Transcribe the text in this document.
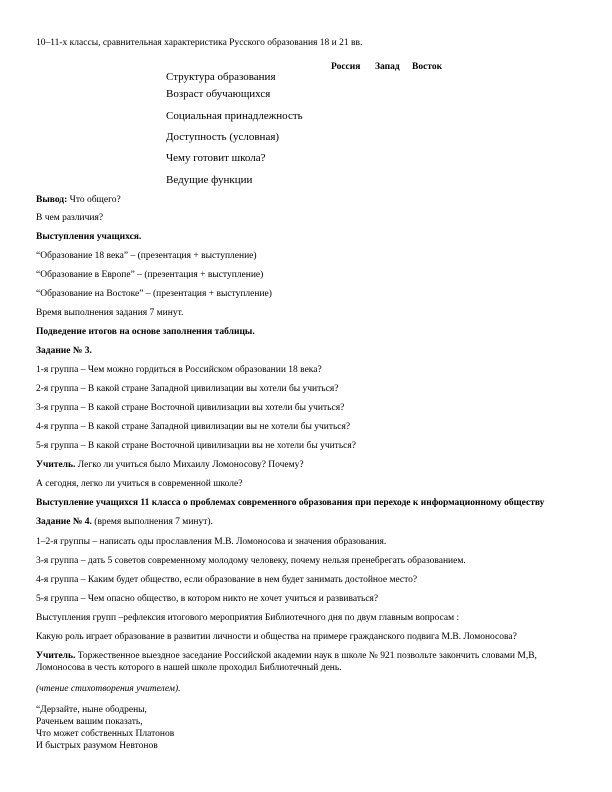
10–11-х классы, сравнительная характеристика Русского образования 18 и 21 вв.
Россия Запад Восток
Структура образования
Возраст обучающихся
Социальная принадлежность
Доступность (условная)
Чему готовит школа?
Ведущие функции
Вывод: Что общего?
В чем различия?
Выступления учащихся.
“Образование 18 века” – (презентация + выступление)
“Образование в Европе” – (презентация + выступление)
“Образование на Востоке” – (презентация + выступление)
Время выполнения задания 7 минут.
Подведение итогов на основе заполнения таблицы.
Задание № 3.
1-я группа – Чем можно гордиться в Российском образовании 18 века?
2-я группа – В какой стране Западной цивилизации вы хотели бы учиться?
3-я группа – В какой стране Восточной цивилизации вы хотели бы учиться?
4-я группа – В какой стране Западной цивилизации вы не хотели бы учиться?
5-я группа – В какой стране Восточной цивилизации вы не хотели бы учиться?
Учитель. Легко ли учиться было Михаилу Ломоносову? Почему?
А сегодня, легко ли учиться в современной школе?
Выступление учащихся 11 класса о проблемах современного образования при переходе к информационному обществу
Задание № 4. (время выполнения 7 минут).
1–2-я группы – написать оды прославления М.В. Ломоносова и значения образования.
3-я группа – дать 5 советов современному молодому человеку, почему нельзя пренебрегать образованием.
4-я группа – Каким будет общество, если образование в нем будет занимать достойное место?
5-я группа – Чем опасно общество, в котором никто не хочет учиться и развиваться?
Выступления групп –рефлексия итогового мероприятия Библиотечного дня по двум главным вопросам :
Какую роль играет образование в развитии личности и общества на примере гражданского подвига М.В. Ломоносова?
Учитель. Торжественное выездное заседание Российской академии наук в школе № 921 позвольте закончить словами М,В,
Ломоносова в честь которого в нашей школе проходил Библиотечный день.
(чтение стихотворения учителем).
“Дерзайте, ныне ободрены,
Раченьем вашим показать,
Что может собственных Платонов
И быстрых разумом Невтонов
